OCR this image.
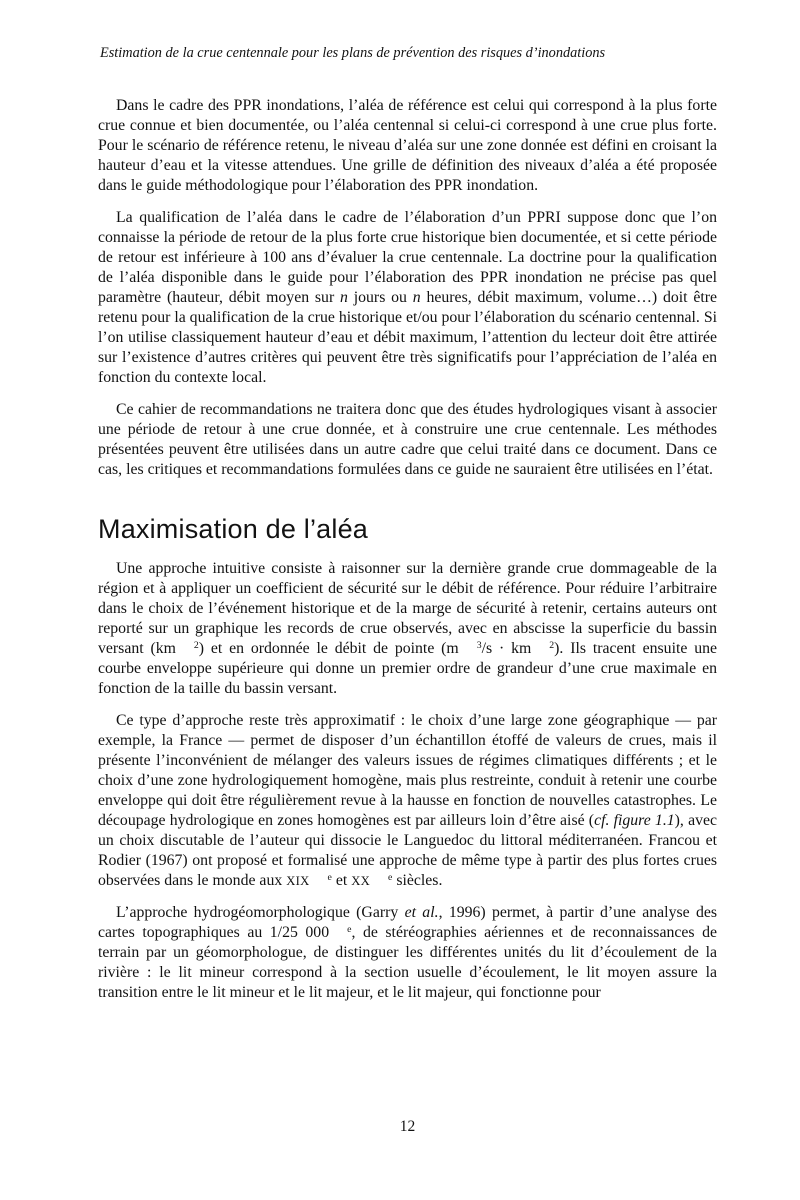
Estimation de la crue centennale pour les plans de prévention des risques d’inondations

Dans le cadre des PPR inondations, l’aléa de référence est celui qui correspond à la plus forte crue connue et bien documentée, ou l’aléa centennal si celui-ci correspond à une crue plus forte. Pour le scénario de référence retenu, le niveau d’aléa sur une zone donnée est défini en croisant la hauteur d’eau et la vitesse attendues. Une grille de définition des niveaux d’aléa a été proposée dans le guide méthodologique pour l’élaboration des PPR inondation.

La qualification de l’aléa dans le cadre de l’élaboration d’un PPRI suppose donc que l’on connaisse la période de retour de la plus forte crue historique bien documentée, et si cette période de retour est inférieure à 100 ans d’évaluer la crue centennale. La doctrine pour la qualification de l’aléa disponible dans le guide pour l’élaboration des PPR inondation ne précise pas quel paramètre (hauteur, débit moyen sur n jours ou n heures, débit maximum, volume…) doit être retenu pour la qualification de la crue historique et/ou pour l’élaboration du scénario centennal. Si l’on utilise classiquement hauteur d’eau et débit maximum, l’attention du lecteur doit être attirée sur l’existence d’autres critères qui peuvent être très significatifs pour l’appréciation de l’aléa en fonction du contexte local.

Ce cahier de recommandations ne traitera donc que des études hydrologiques visant à associer une période de retour à une crue donnée, et à construire une crue centennale. Les méthodes présentées peuvent être utilisées dans un autre cadre que celui traité dans ce document. Dans ce cas, les critiques et recommandations formulées dans ce guide ne sauraient être utilisées en l’état.

Maximisation de l’aléa

Une approche intuitive consiste à raisonner sur la dernière grande crue dommageable de la région et à appliquer un coefficient de sécurité sur le débit de référence. Pour réduire l’arbitraire dans le choix de l’événement historique et de la marge de sécurité à retenir, certains auteurs ont reporté sur un graphique les records de crue observés, avec en abscisse la superficie du bassin versant (km 2) et en ordonnée le débit de pointe (m 3/s · km 2). Ils tracent ensuite une courbe enveloppe supérieure qui donne un premier ordre de grandeur d’une crue maximale en fonction de la taille du bassin versant.

Ce type d’approche reste très approximatif : le choix d’une large zone géographique — par exemple, la France — permet de disposer d’un échantillon étoffé de valeurs de crues, mais il présente l’inconvénient de mélanger des valeurs issues de régimes climatiques différents ; et le choix d’une zone hydrologiquement homogène, mais plus restreinte, conduit à retenir une courbe enveloppe qui doit être régulièrement revue à la hausse en fonction de nouvelles catastrophes. Le découpage hydrologique en zones homogènes est par ailleurs loin d’être aisé (cf. figure 1.1), avec un choix discutable de l’auteur qui dissocie le Languedoc du littoral méditerranéen. Francou et Rodier (1967) ont proposé et formalisé une approche de même type à partir des plus fortes crues observées dans le monde aux XIX e et XX e siècles.

L’approche hydrogéomorphologique (Garry et al., 1996) permet, à partir d’une analyse des cartes topographiques au 1/25 000 e, de stéréographies aériennes et de reconnaissances de terrain par un géomorphologue, de distinguer les différentes unités du lit d’écoulement de la rivière : le lit mineur correspond à la section usuelle d’écoulement, le lit moyen assure la transition entre le lit mineur et le lit majeur, et le lit majeur, qui fonctionne pour

12
